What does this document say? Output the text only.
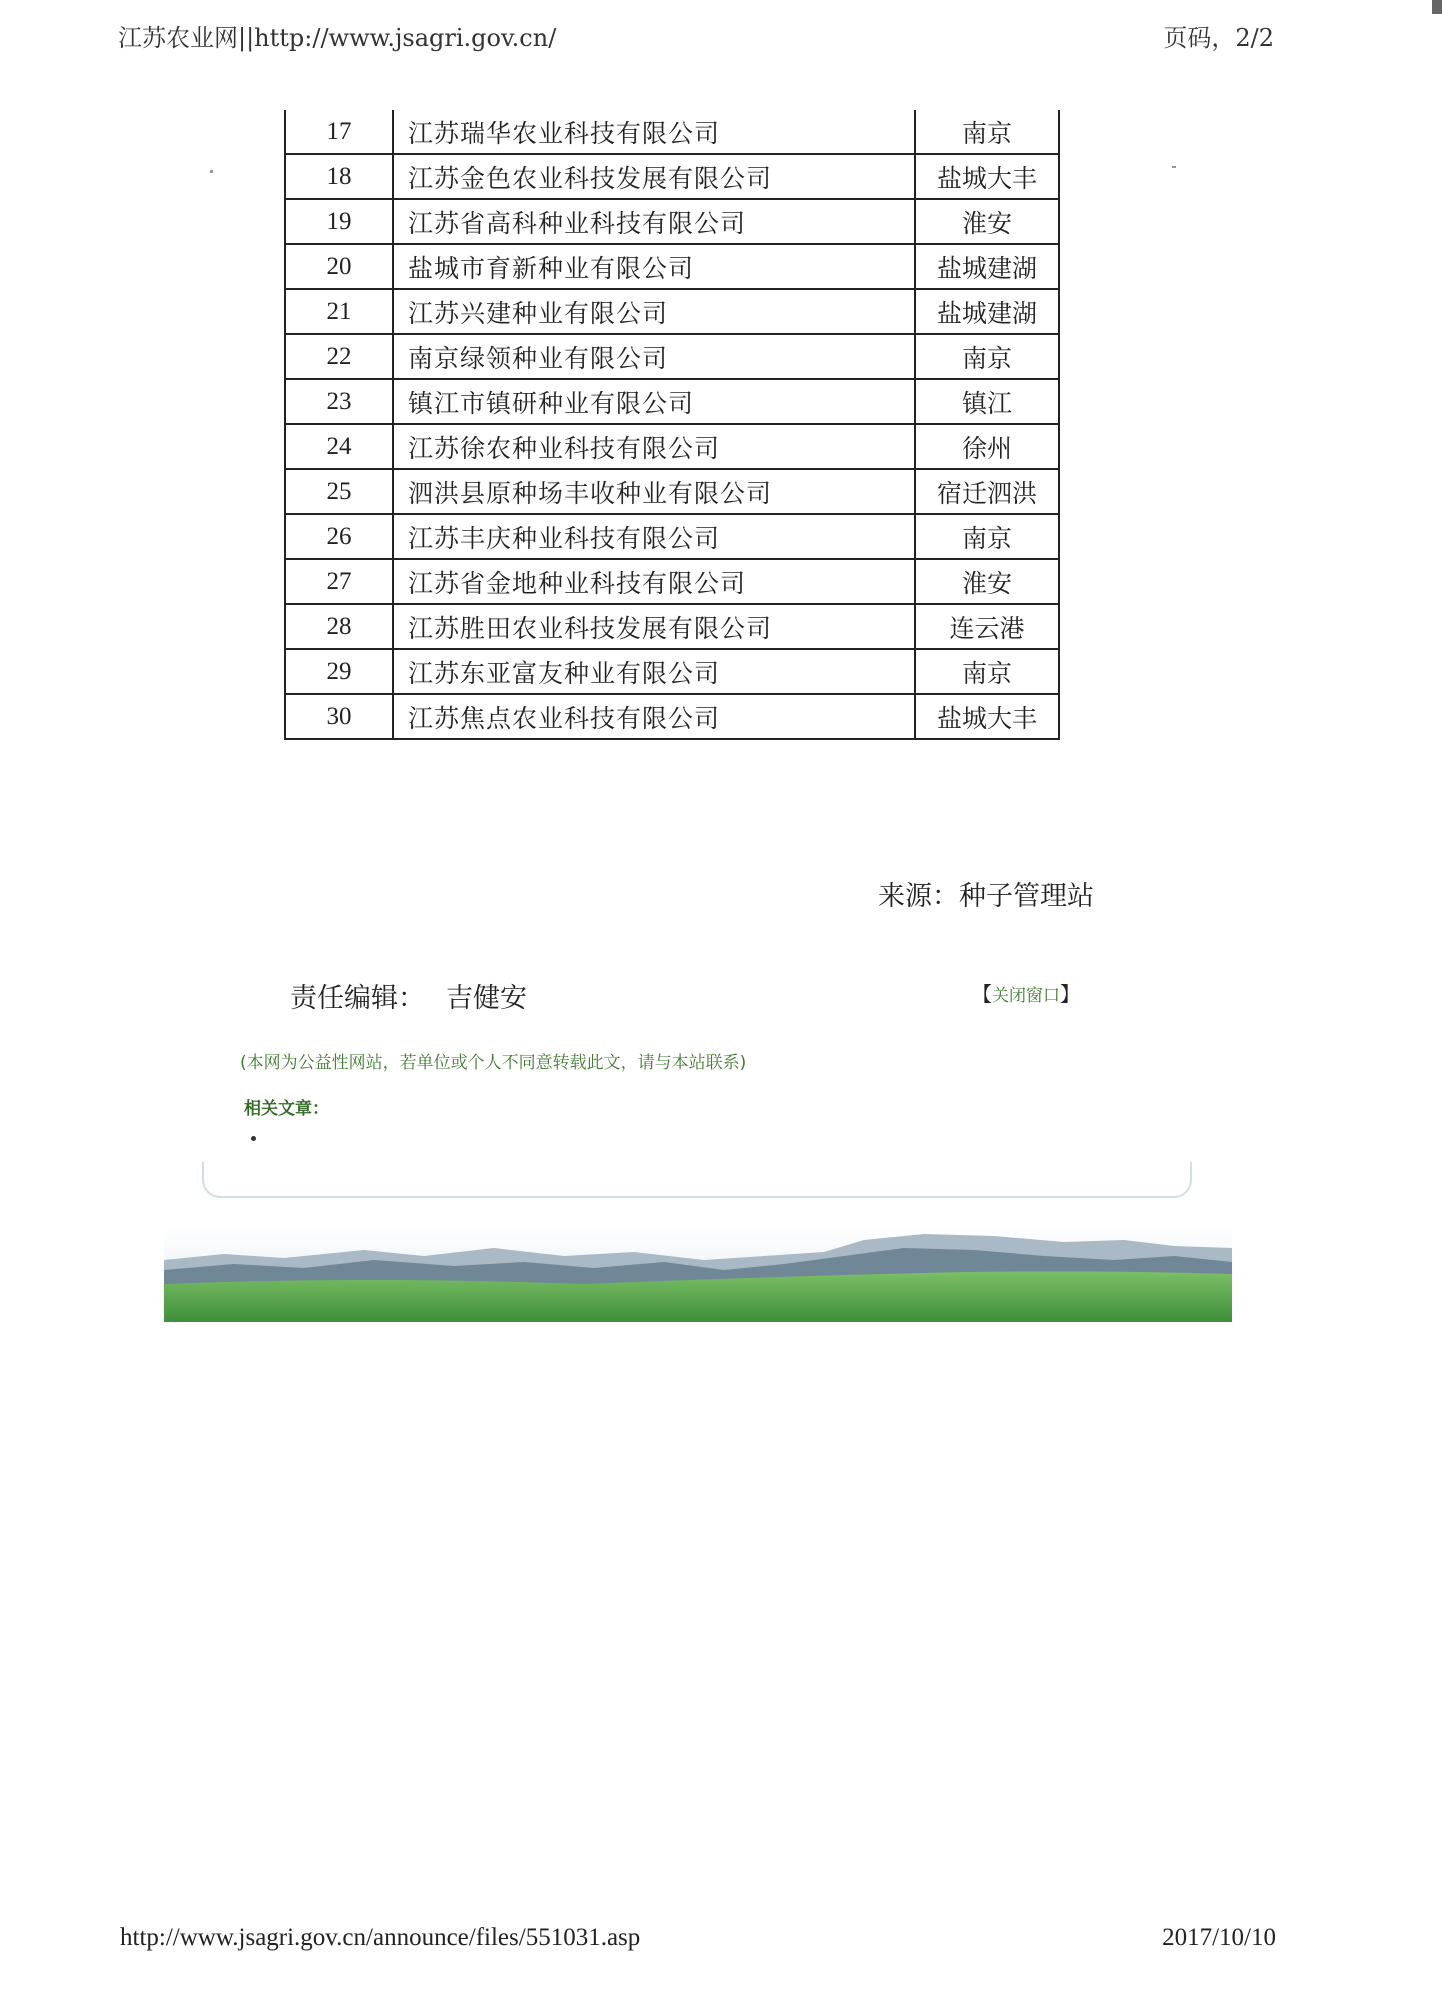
江苏农业网||http://www.jsagri.gov.cn/	页码，2/2
17	江苏瑞华农业科技有限公司	南京
18	江苏金色农业科技发展有限公司	盐城大丰
19	江苏省高科种业科技有限公司	淮安
20	盐城市育新种业有限公司	盐城建湖
21	江苏兴建种业有限公司	盐城建湖
22	南京绿领种业有限公司	南京
23	镇江市镇研种业有限公司	镇江
24	江苏徐农种业科技有限公司	徐州
25	泗洪县原种场丰收种业有限公司	宿迁泗洪
26	江苏丰庆种业科技有限公司	南京
27	江苏省金地种业科技有限公司	淮安
28	江苏胜田农业科技发展有限公司	连云港
29	江苏东亚富友种业有限公司	南京
30	江苏焦点农业科技有限公司	盐城大丰
来源：种子管理站
责任编辑： 吉健安	【关闭窗口】
(本网为公益性网站，若单位或个人不同意转载此文，请与本站联系)
相关文章：
http://www.jsagri.gov.cn/announce/files/551031.asp	2017/10/10
